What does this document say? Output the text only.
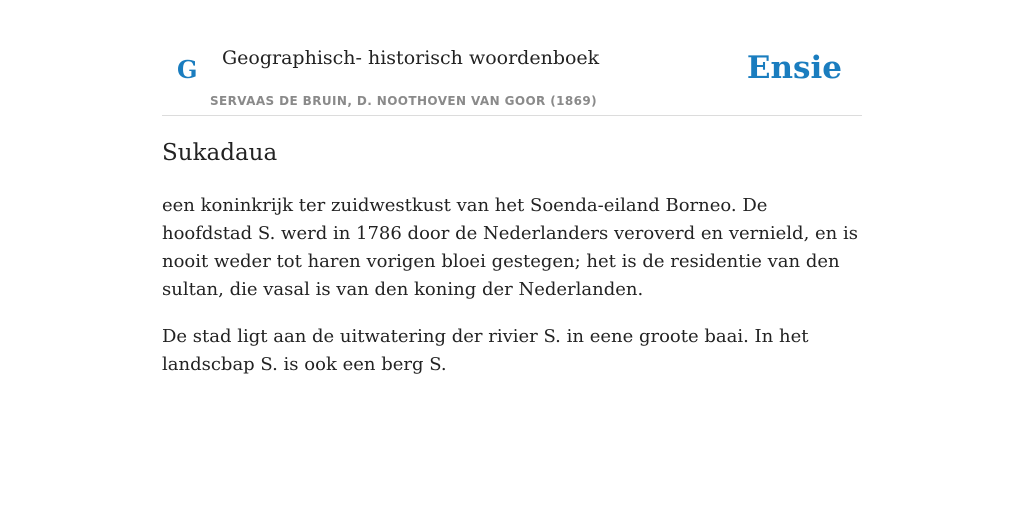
G Geographisch- historisch woordenboek
SERVAAS DE BRUIN, D. NOOTHOVEN VAN GOOR (1869)
Ensie
Sukadaua

een koninkrijk ter zuidwestkust van het Soenda-eiland Borneo. De hoofdstad S. werd in 1786 door de Nederlanders veroverd en vernield, en is nooit weder tot haren vorigen bloei gestegen; het is de residentie van den sultan, die vasal is van den koning der Nederlanden.

De stad ligt aan de uitwatering der rivier S. in eene groote baai. In het landscbap S. is ook een berg S.
